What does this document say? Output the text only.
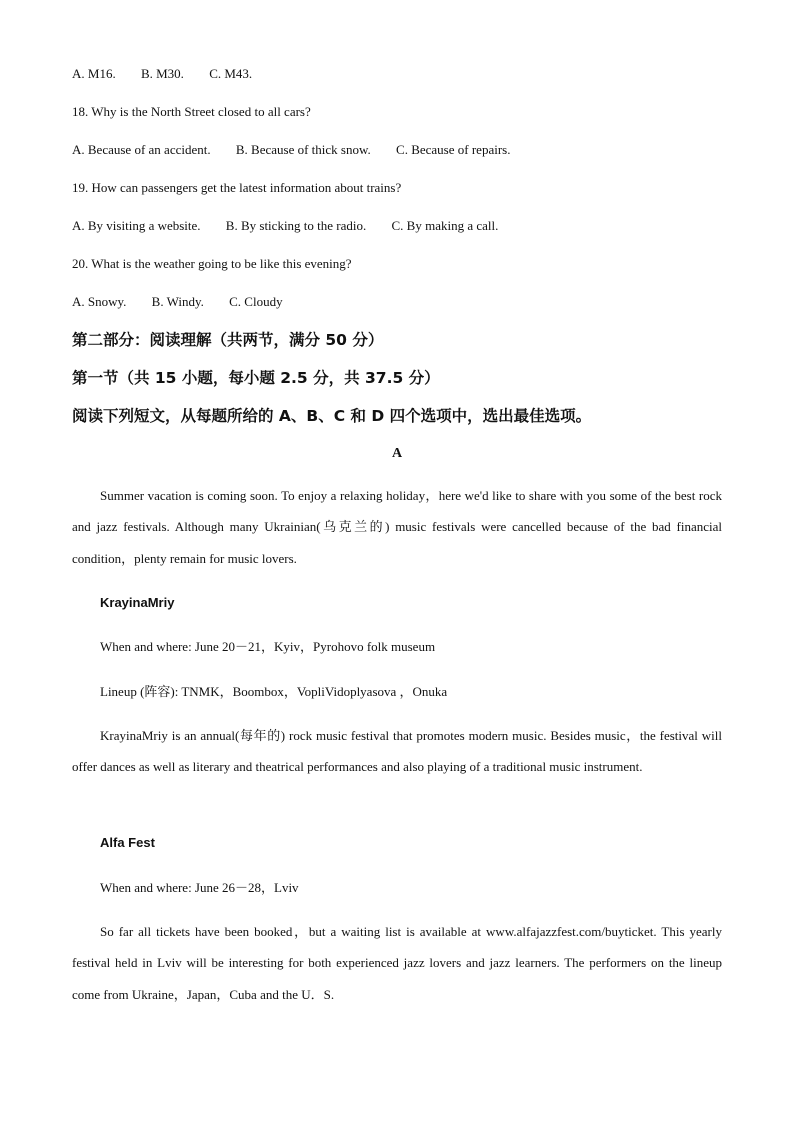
A. M16. B. M30. C. M43.
18. Why is the North Street closed to all cars?
A. Because of an accident. B. Because of thick snow. C. Because of repairs.
19. How can passengers get the latest information about trains?
A. By visiting a website. B. By sticking to the radio. C. By making a call.
20. What is the weather going to be like this evening?
A. Snowy. B. Windy. C. Cloudy
第二部分：阅读理解（共两节，满分 50 分）
第一节（共 15 小题，每小题 2.5 分，共 37.5 分）
阅读下列短文，从每题所给的 A、B、C 和 D 四个选项中，选出最佳选项。
A
Summer vacation is coming soon. To enjoy a relaxing holiday，here we'd like to share with you some of the best rock and jazz festivals. Although many Ukrainian(乌克兰的) music festivals were cancelled because of the bad financial condition，plenty remain for music lovers.
KrayinaMriy
When and where: June 20－21，Kyiv，Pyrohovo folk museum
Lineup (阵容): TNMK，Boombox，VopliVidoplyasova ，Onuka
KrayinaMriy is an annual(每年的) rock music festival that promotes modern music. Besides music，the festival will offer dances as well as literary and theatrical performances and also playing of a traditional music instrument.
Alfa Fest
When and where: June 26－28，Lviv
So far all tickets have been booked，but a waiting list is available at www.alfajazzfest.com/buyticket. This yearly festival held in Lviv will be interesting for both experienced jazz lovers and jazz learners. The performers on the lineup come from Ukraine，Japan，Cuba and the U．S.
